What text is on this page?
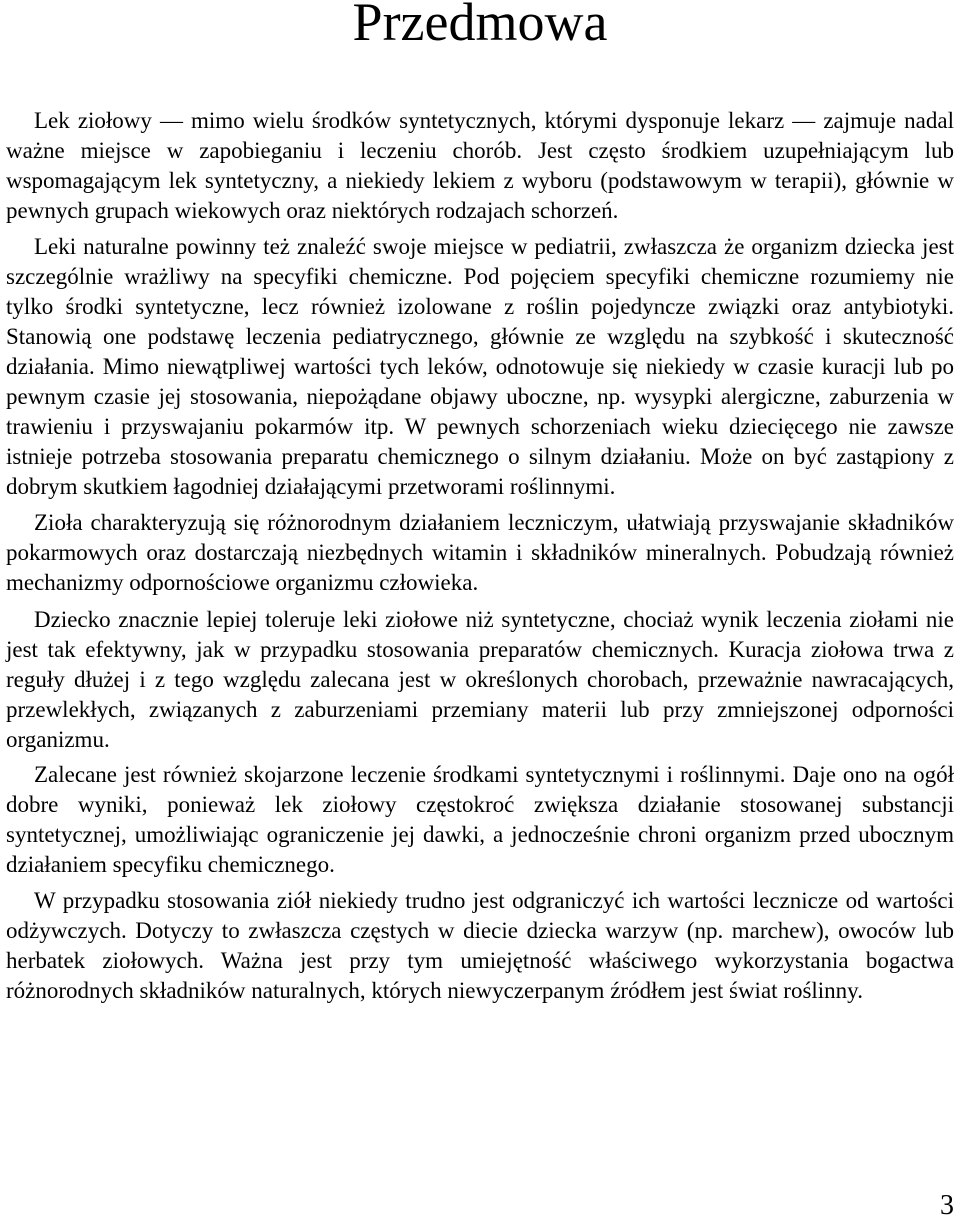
Przedmowa

Lek ziołowy — mimo wielu środków syntetycznych, którymi dysponuje lekarz — zajmuje nadal ważne miejsce w zapobieganiu i leczeniu chorób. Jest często środkiem uzupełniającym lub wspomagającym lek syntetyczny, a niekiedy lekiem z wyboru (podstawowym w terapii), głównie w pewnych grupach wiekowych oraz niektórych rodzajach schorzeń.

Leki naturalne powinny też znaleźć swoje miejsce w pediatrii, zwłaszcza że organizm dziecka jest szczególnie wrażliwy na specyfiki chemiczne. Pod pojęciem specyfiki chemiczne rozumiemy nie tylko środki syntetyczne, lecz również izolowane z roślin pojedyncze związki oraz antybiotyki. Stanowią one podstawę leczenia pediatrycznego, głównie ze względu na szybkość i skuteczność działania. Mimo niewątpliwej wartości tych leków, odnotowuje się niekiedy w czasie kuracji lub po pewnym czasie jej stosowania, niepożądane objawy uboczne, np. wysypki alergiczne, zaburzenia w trawieniu i przyswajaniu pokarmów itp. W pewnych schorzeniach wieku dziecięcego nie zawsze istnieje potrzeba stosowania preparatu chemicznego o silnym działaniu. Może on być zastąpiony z dobrym skutkiem łagodniej działającymi przetworami roślinnymi.

Zioła charakteryzują się różnorodnym działaniem leczniczym, ułatwiają przyswajanie składników pokarmowych oraz dostarczają niezbędnych witamin i składników mineralnych. Pobudzają również mechanizmy odpornościowe organizmu człowieka.

Dziecko znacznie lepiej toleruje leki ziołowe niż syntetyczne, chociaż wynik leczenia ziołami nie jest tak efektywny, jak w przypadku stosowania preparatów chemicznych. Kuracja ziołowa trwa z reguły dłużej i z tego względu zalecana jest w określonych chorobach, przeważnie nawracających, przewlekłych, związanych z zaburzeniami przemiany materii lub przy zmniejszonej odporności organizmu.

Zalecane jest również skojarzone leczenie środkami syntetycznymi i roślinnymi. Daje ono na ogół dobre wyniki, ponieważ lek ziołowy częstokroć zwiększa działanie stosowanej substancji syntetycznej, umożliwiając ograniczenie jej dawki, a jednocześnie chroni organizm przed ubocznym działaniem specyfiku chemicznego.

W przypadku stosowania ziół niekiedy trudno jest odgraniczyć ich wartości lecznicze od wartości odżywczych. Dotyczy to zwłaszcza częstych w diecie dziecka warzyw (np. marchew), owoców lub herbatek ziołowych. Ważna jest przy tym umiejętność właściwego wykorzystania bogactwa różnorodnych składników naturalnych, których niewyczerpanym źródłem jest świat roślinny.

3
